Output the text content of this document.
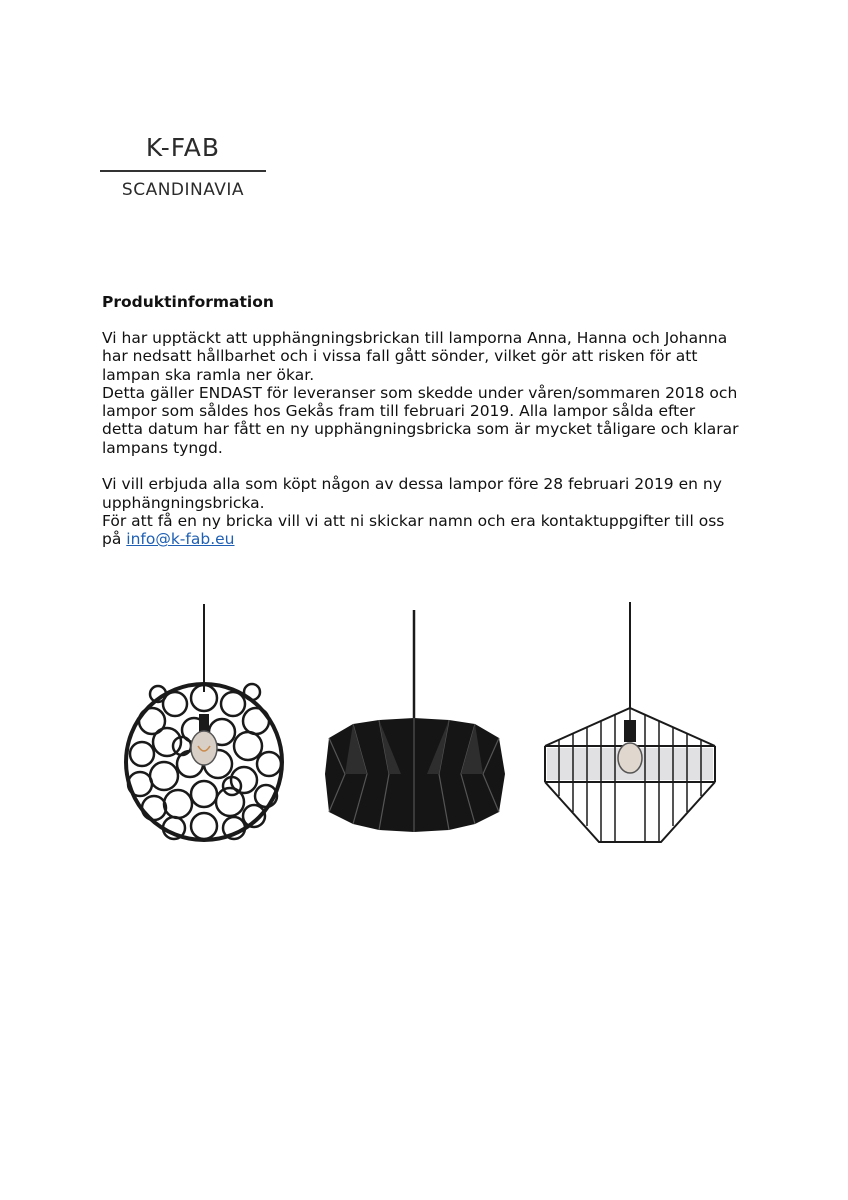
K-FAB
SCANDINAVIA
Produktinformation
Vi har upptäckt att upphängningsbrickan till lamporna Anna, Hanna och Johanna
har nedsatt hållbarhet och i vissa fall gått sönder, vilket gör att risken för att
lampan ska ramla ner ökar.
Detta gäller ENDAST för leveranser som skedde under våren/sommaren 2018 och
lampor som såldes hos Gekås fram till februari 2019. Alla lampor sålda efter
detta datum har fått en ny upphängningsbricka som är mycket tåligare och klarar
lampans tyngd.
Vi vill erbjuda alla som köpt någon av dessa lampor före 28 februari 2019 en ny
upphängningsbricka.
För att få en ny bricka vill vi att ni skickar namn och era kontaktuppgifter till oss
på info@k-fab.eu
